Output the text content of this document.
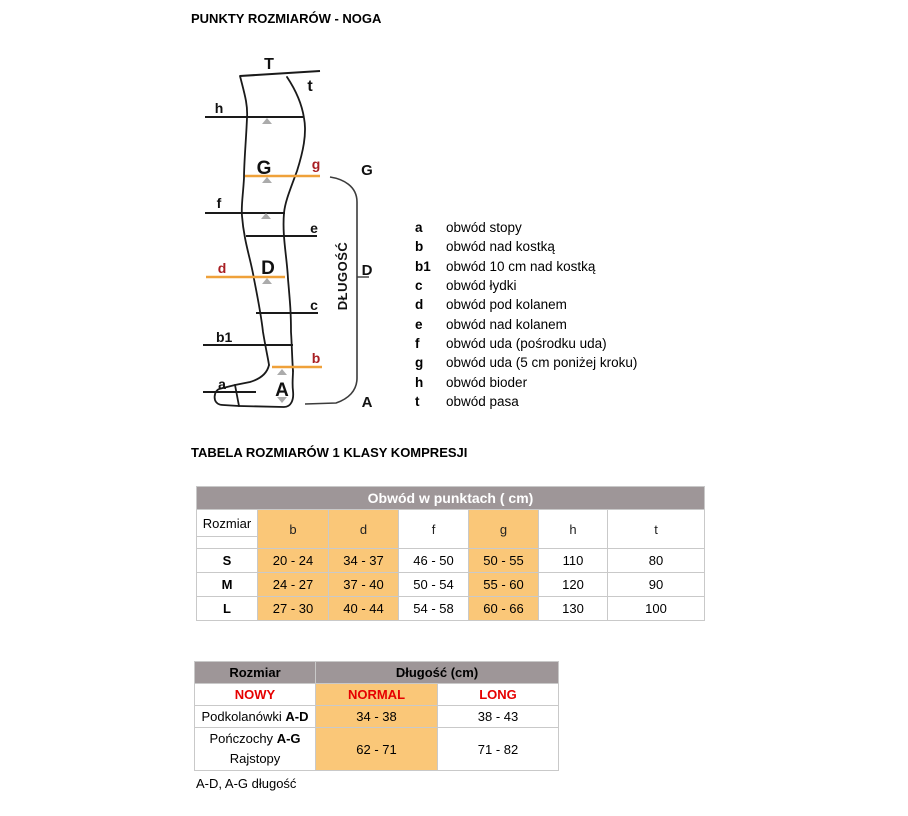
PUNKTY ROZMIARÓW - NOGA
T
t
h
G	g
f
e
D
d
c
b1
b
a	A
G
D
A
DŁUGOŚĆ
a	obwód stopy
b	obwód nad kostką
b1	obwód 10 cm nad kostką
c	obwód łydki
d	obwód pod kolanem
e	obwód nad kolanem
f	obwód uda (pośrodku uda)
g	obwód uda (5 cm poniżej kroku)
h	obwód bioder
t	obwód pasa
TABELA ROZMIARÓW 1 KLASY KOMPRESJI
Obwód w punktach ( cm)						
Rozmiar	b	d	f	g	h	t

S	20 - 24	34 - 37	46 - 50	50 - 55	110	80
M	24 - 27	37 - 40	50 - 54	55 - 60	120	90
L	27 - 30	40 - 44	54 - 58	60 - 66	130	100
Rozmiar	Długość (cm)	
NOWY	NORMAL	LONG
Podkolanówki A-D	34 - 38	38 - 43

Pończochy A-G
Rajstopy	62 - 71	71 - 82
A-D, A-G długość
